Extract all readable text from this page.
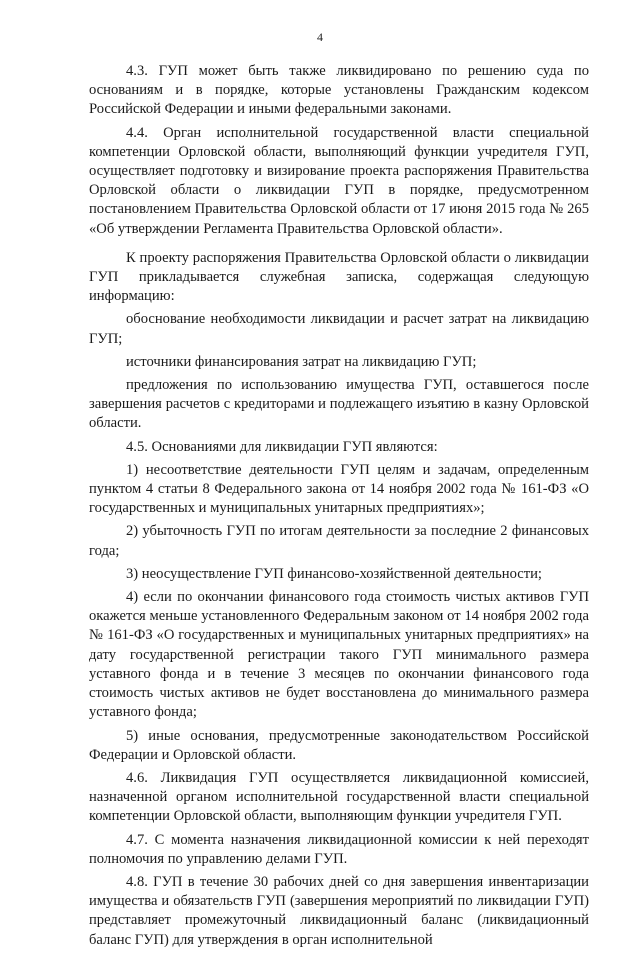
4

4.3. ГУП может быть также ликвидировано по решению суда по основаниям и в порядке, которые установлены Гражданским кодексом Российской Федерации и иными федеральными законами.

4.4. Орган исполнительной государственной власти специальной компетенции Орловской области, выполняющий функции учредителя ГУП, осуществляет подготовку и визирование проекта распоряжения Правительства Орловской области о ликвидации ГУП в порядке, предусмотренном постановлением Правительства Орловской области от 17 июня 2015 года № 265 «Об утверждении Регламента Правительства Орловской области».

К проекту распоряжения Правительства Орловской области о ликвидации ГУП прикладывается служебная записка, содержащая следующую информацию:

обоснование необходимости ликвидации и расчет затрат на ликвидацию ГУП;

источники финансирования затрат на ликвидацию ГУП;

предложения по использованию имущества ГУП, оставшегося после завершения расчетов с кредиторами и подлежащего изъятию в казну Орловской области.

4.5. Основаниями для ликвидации ГУП являются:

1) несоответствие деятельности ГУП целям и задачам, определенным пунктом 4 статьи 8 Федерального закона от 14 ноября 2002 года № 161-ФЗ «О государственных и муниципальных унитарных предприятиях»;

2) убыточность ГУП по итогам деятельности за последние 2 финансовых года;

3) неосуществление ГУП финансово-хозяйственной деятельности;

4) если по окончании финансового года стоимость чистых активов ГУП окажется меньше установленного Федеральным законом от 14 ноября 2002 года № 161-ФЗ «О государственных и муниципальных унитарных предприятиях» на дату государственной регистрации такого ГУП минимального размера уставного фонда и в течение 3 месяцев по окончании финансового года стоимость чистых активов не будет восстановлена до минимального размера уставного фонда;

5) иные основания, предусмотренные законодательством Российской Федерации и Орловской области.

4.6. Ликвидация ГУП осуществляется ликвидационной комиссией, назначенной органом исполнительной государственной власти специальной компетенции Орловской области, выполняющим функции учредителя ГУП.

4.7. С момента назначения ликвидационной комиссии к ней переходят полномочия по управлению делами ГУП.

4.8. ГУП в течение 30 рабочих дней со дня завершения инвентаризации имущества и обязательств ГУП (завершения мероприятий по ликвидации ГУП) представляет промежуточный ликвидационный баланс (ликвидационный баланс ГУП) для утверждения в орган исполнительной
